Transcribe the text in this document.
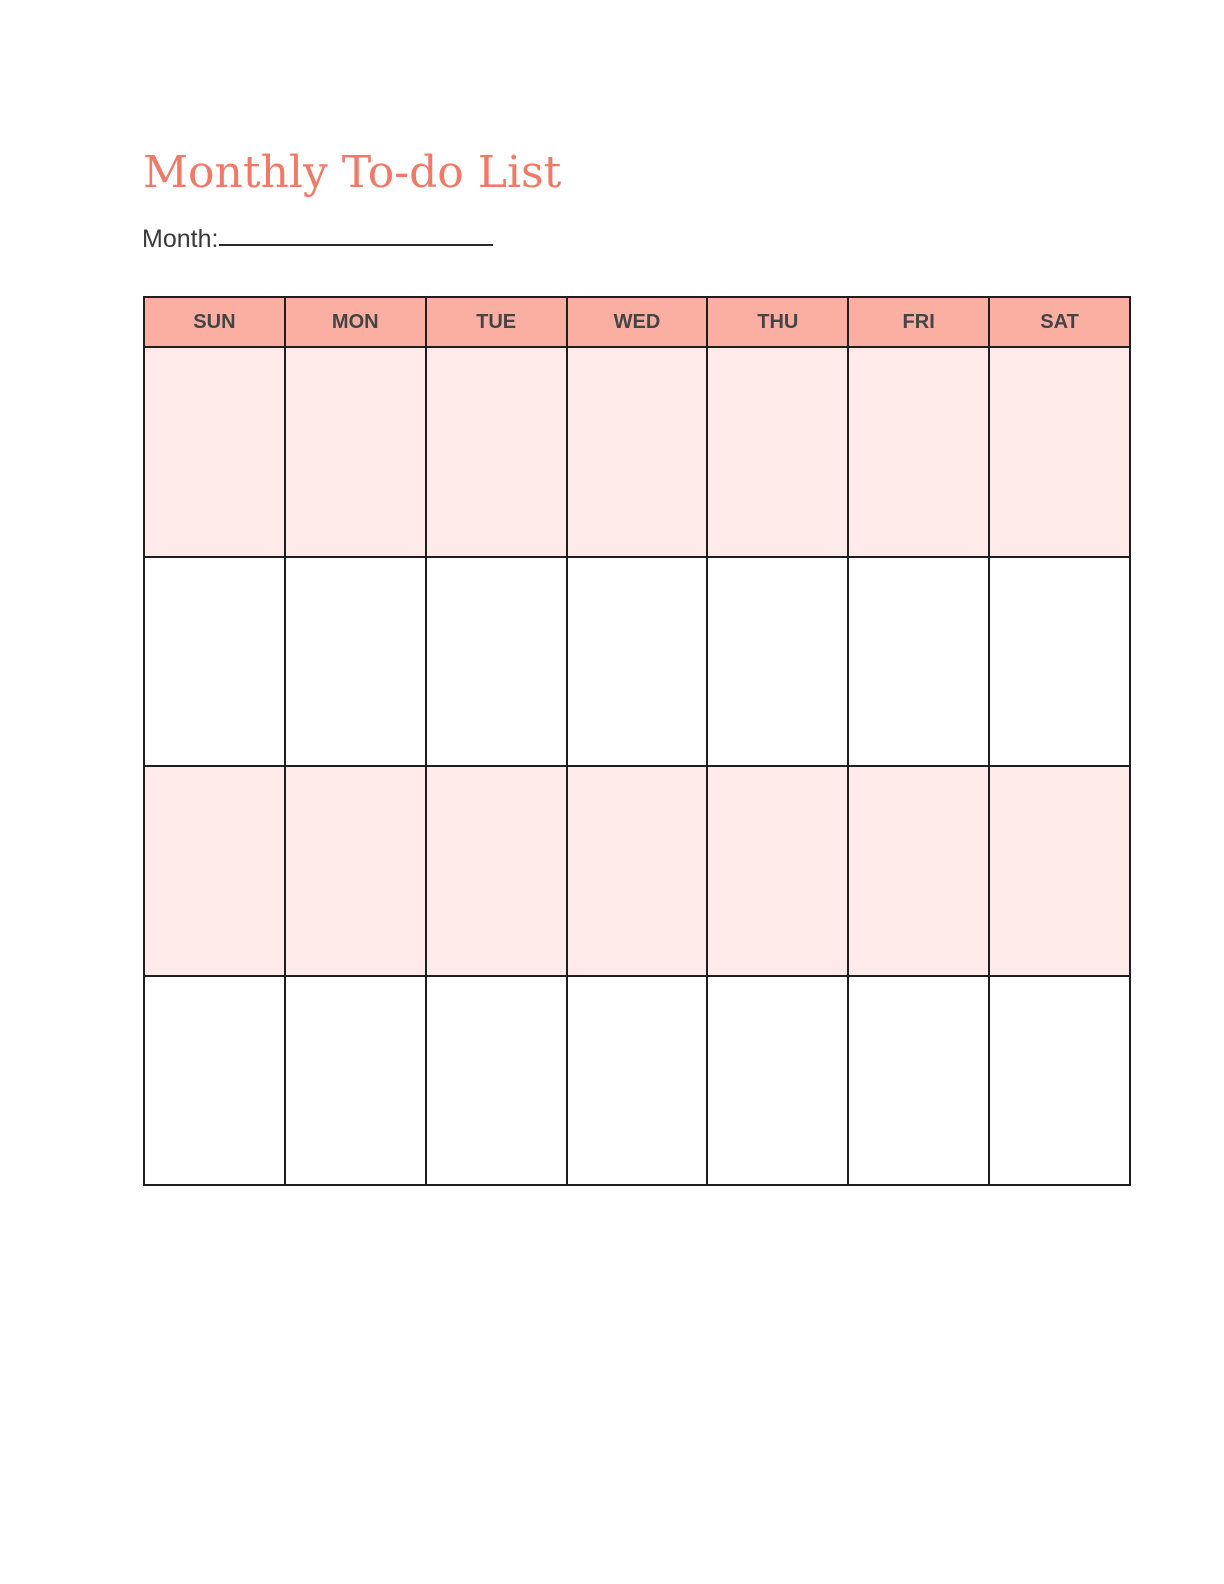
Monthly To-do List
Month:
SUN	MON	TUE	WED	THU	FRI	SAT
